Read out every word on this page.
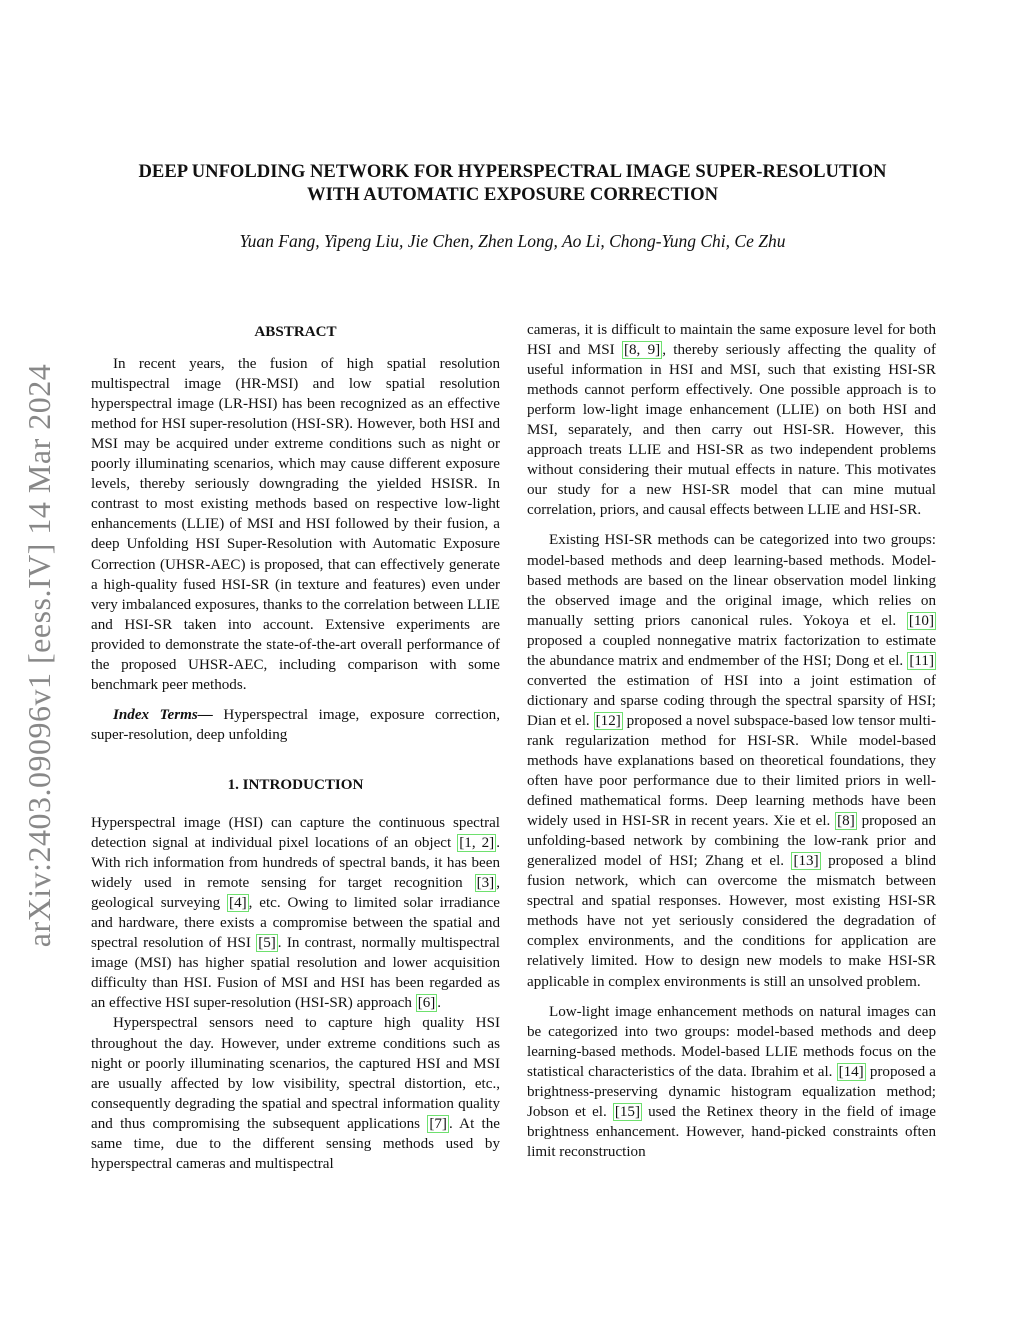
arXiv:2403.09096v1 [eess.IV] 14 Mar 2024
DEEP UNFOLDING NETWORK FOR HYPERSPECTRAL IMAGE SUPER-RESOLUTION
WITH AUTOMATIC EXPOSURE CORRECTION
Yuan Fang, Yipeng Liu, Jie Chen, Zhen Long, Ao Li, Chong-Yung Chi, Ce Zhu
ABSTRACT

In recent years, the fusion of high spatial resolution multispectral image (HR-MSI) and low spatial resolution hyperspectral image (LR-HSI) has been recognized as an effective method for HSI super-resolution (HSI-SR). However, both HSI and MSI may be acquired under extreme conditions such as night or poorly illuminating scenarios, which may cause different exposure levels, thereby seriously downgrading the yielded HSISR. In contrast to most existing methods based on respective low-light enhancements (LLIE) of MSI and HSI followed by their fusion, a deep Unfolding HSI Super-Resolution with Automatic Exposure Correction (UHSR-AEC) is proposed, that can effectively generate a high-quality fused HSI-SR (in texture and features) even under very imbalanced exposures, thanks to the correlation between LLIE and HSI-SR taken into account. Extensive experiments are provided to demonstrate the state-of-the-art overall performance of the proposed UHSR-AEC, including comparison with some benchmark peer methods.

Index Terms— Hyperspectral image, exposure correction, super-resolution, deep unfolding

1. INTRODUCTION

Hyperspectral image (HSI) can capture the continuous spectral detection signal at individual pixel locations of an object [1, 2] . With rich information from hundreds of spectral bands, it has been widely used in remote sensing for target recognition [3] , geological surveying [4] , etc. Owing to limited solar irradiance and hardware, there exists a compromise between the spatial and spectral resolution of HSI [5] . In contrast, normally multispectral image (MSI) has higher spatial resolution and lower acquisition difficulty than HSI. Fusion of MSI and HSI has been regarded as an effective HSI super-resolution (HSI-SR) approach [6] .

Hyperspectral sensors need to capture high quality HSI throughout the day. However, under extreme conditions such as night or poorly illuminating scenarios, the captured HSI and MSI are usually affected by low visibility, spectral distortion, etc., consequently degrading the spatial and spectral information quality and thus compromising the subsequent applications [7] . At the same time, due to the different sensing methods used by hyperspectral cameras and multispectral

cameras, it is difficult to maintain the same exposure level for both HSI and MSI [8, 9] , thereby seriously affecting the quality of useful information in HSI and MSI, such that existing HSI-SR methods cannot perform effectively. One possible approach is to perform low-light image enhancement (LLIE) on both HSI and MSI, separately, and then carry out HSI-SR. However, this approach treats LLIE and HSI-SR as two independent problems without considering their mutual effects in nature. This motivates our study for a new HSI-SR model that can mine mutual correlation, priors, and causal effects between LLIE and HSI-SR.

Existing HSI-SR methods can be categorized into two groups: model-based methods and deep learning-based methods. Model-based methods are based on the linear observation model linking the observed image and the original image, which relies on manually setting priors canonical rules. Yokoya et el. [10] proposed a coupled nonnegative matrix factorization to estimate the abundance matrix and endmember of the HSI; Dong et el. [11] converted the estimation of HSI into a joint estimation of dictionary and sparse coding through the spectral sparsity of HSI; Dian et el. [12] proposed a novel subspace-based low tensor multi-rank regularization method for HSI-SR. While model-based methods have explanations based on theoretical foundations, they often have poor performance due to their limited priors in well-defined mathematical forms. Deep learning methods have been widely used in HSI-SR in recent years. Xie et el. [8] proposed an unfolding-based network by combining the low-rank prior and generalized model of HSI; Zhang et el. [13] proposed a blind fusion network, which can overcome the mismatch between spectral and spatial responses. However, most existing HSI-SR methods have not yet seriously considered the degradation of complex environments, and the conditions for application are relatively limited. How to design new models to make HSI-SR applicable in complex environments is still an unsolved problem.

Low-light image enhancement methods on natural images can be categorized into two groups: model-based methods and deep learning-based methods. Model-based LLIE methods focus on the statistical characteristics of the data. Ibrahim et al. [14] proposed a brightness-preserving dynamic histogram equalization method; Jobson et el. [15] used the Retinex theory in the field of image brightness enhancement. However, hand-picked constraints often limit reconstruction
